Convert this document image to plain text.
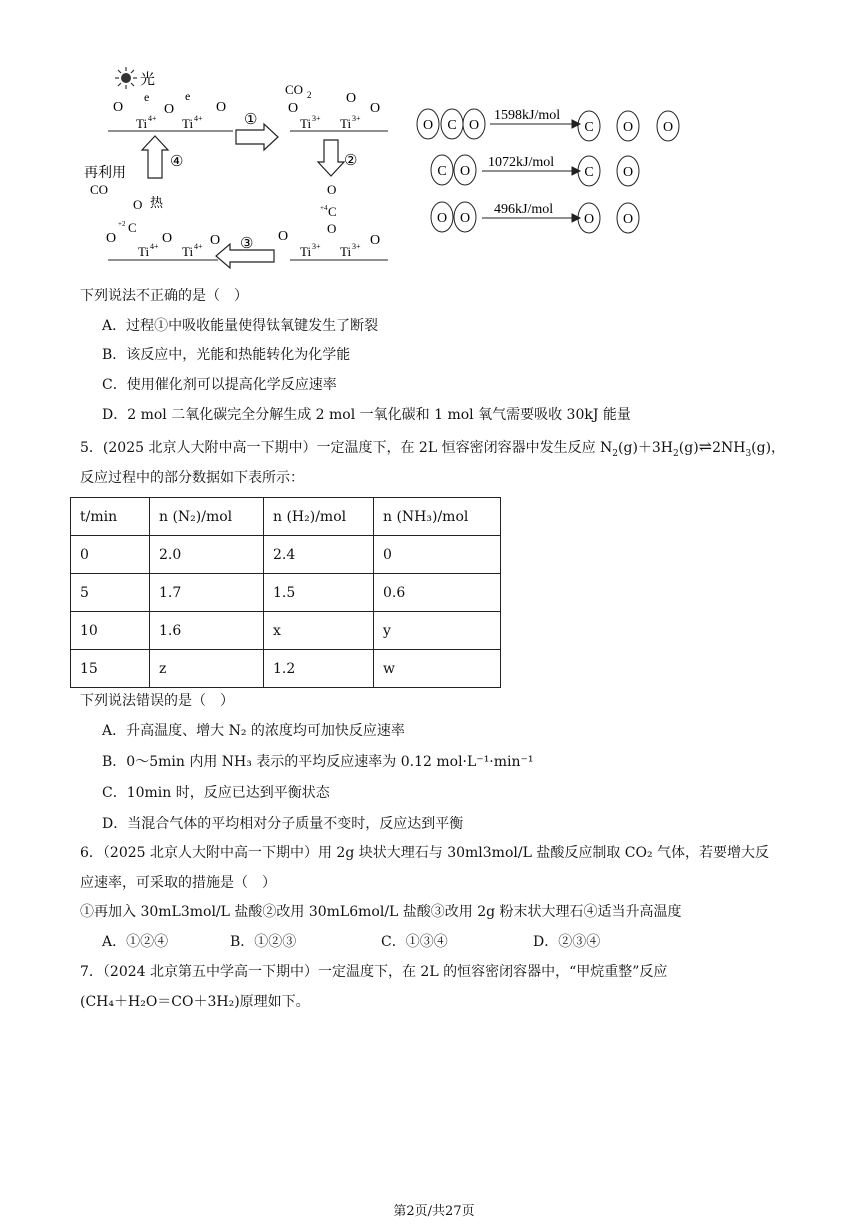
光
O
e
O
e
O
Ti 4+ Ti 4+	①
CO 2 O
O	O
Ti 3+ Ti 3+
②
O
+4 C
O
O	O
Ti 3+ Ti 3+
③
再利用
CO
O 热
+2 C
O	O	O
Ti 4+ Ti 4+
④
O C O	C O O
C O	C O
O O	O O
1598kJ/mol
1072kJ/mol
496kJ/mol
下列说法不正确的是（　）
A．过程①中吸收能量使得钛氧键发生了断裂
B．该反应中，光能和热能转化为化学能
C．使用催化剂可以提高化学反应速率
D．2 mol 二氧化碳完全分解生成 2 mol 一氧化碳和 1 mol 氧气需要吸收 30kJ 能量
5．(2025 北京人大附中高一下期中）一定温度下，在 2L 恒容密闭容器中发生反应 $N_2(g)+3H_2(g)\rightleftharpoons 2NH_3(g)$，
反应过程中的部分数据如下表所示：
t/min	n (N₂)/mol	n (H₂)/mol	n (NH₃)/mol
0	2.0	2.4	0
5	1.7	1.5	0.6
10	1.6	x	y
15	z	1.2	w
下列说法错误的是（　）
A．升高温度、增大 N₂ 的浓度均可加快反应速率
B．0～5min 内用 NH₃ 表示的平均反应速率为 0.12 mol·L⁻¹·min⁻¹
C．10min 时，反应已达到平衡状态
D．当混合气体的平均相对分子质量不变时，反应达到平衡
6．（2025 北京人大附中高一下期中）用 2g 块状大理石与 30ml3mol/L 盐酸反应制取 CO₂ 气体，若要增大反
应速率，可采取的措施是（　）
①再加入 30mL3mol/L 盐酸②改用 30mL6mol/L 盐酸③改用 2g 粉末状大理石④适当升高温度
A．①②④	B．①②③	C．①③④	D．②③④
7．（2024 北京第五中学高一下期中）一定温度下，在 2L 的恒容密闭容器中，“甲烷重整”反应
(CH₄＋H₂O＝CO＋3H₂)原理如下。
第2页/共27页
